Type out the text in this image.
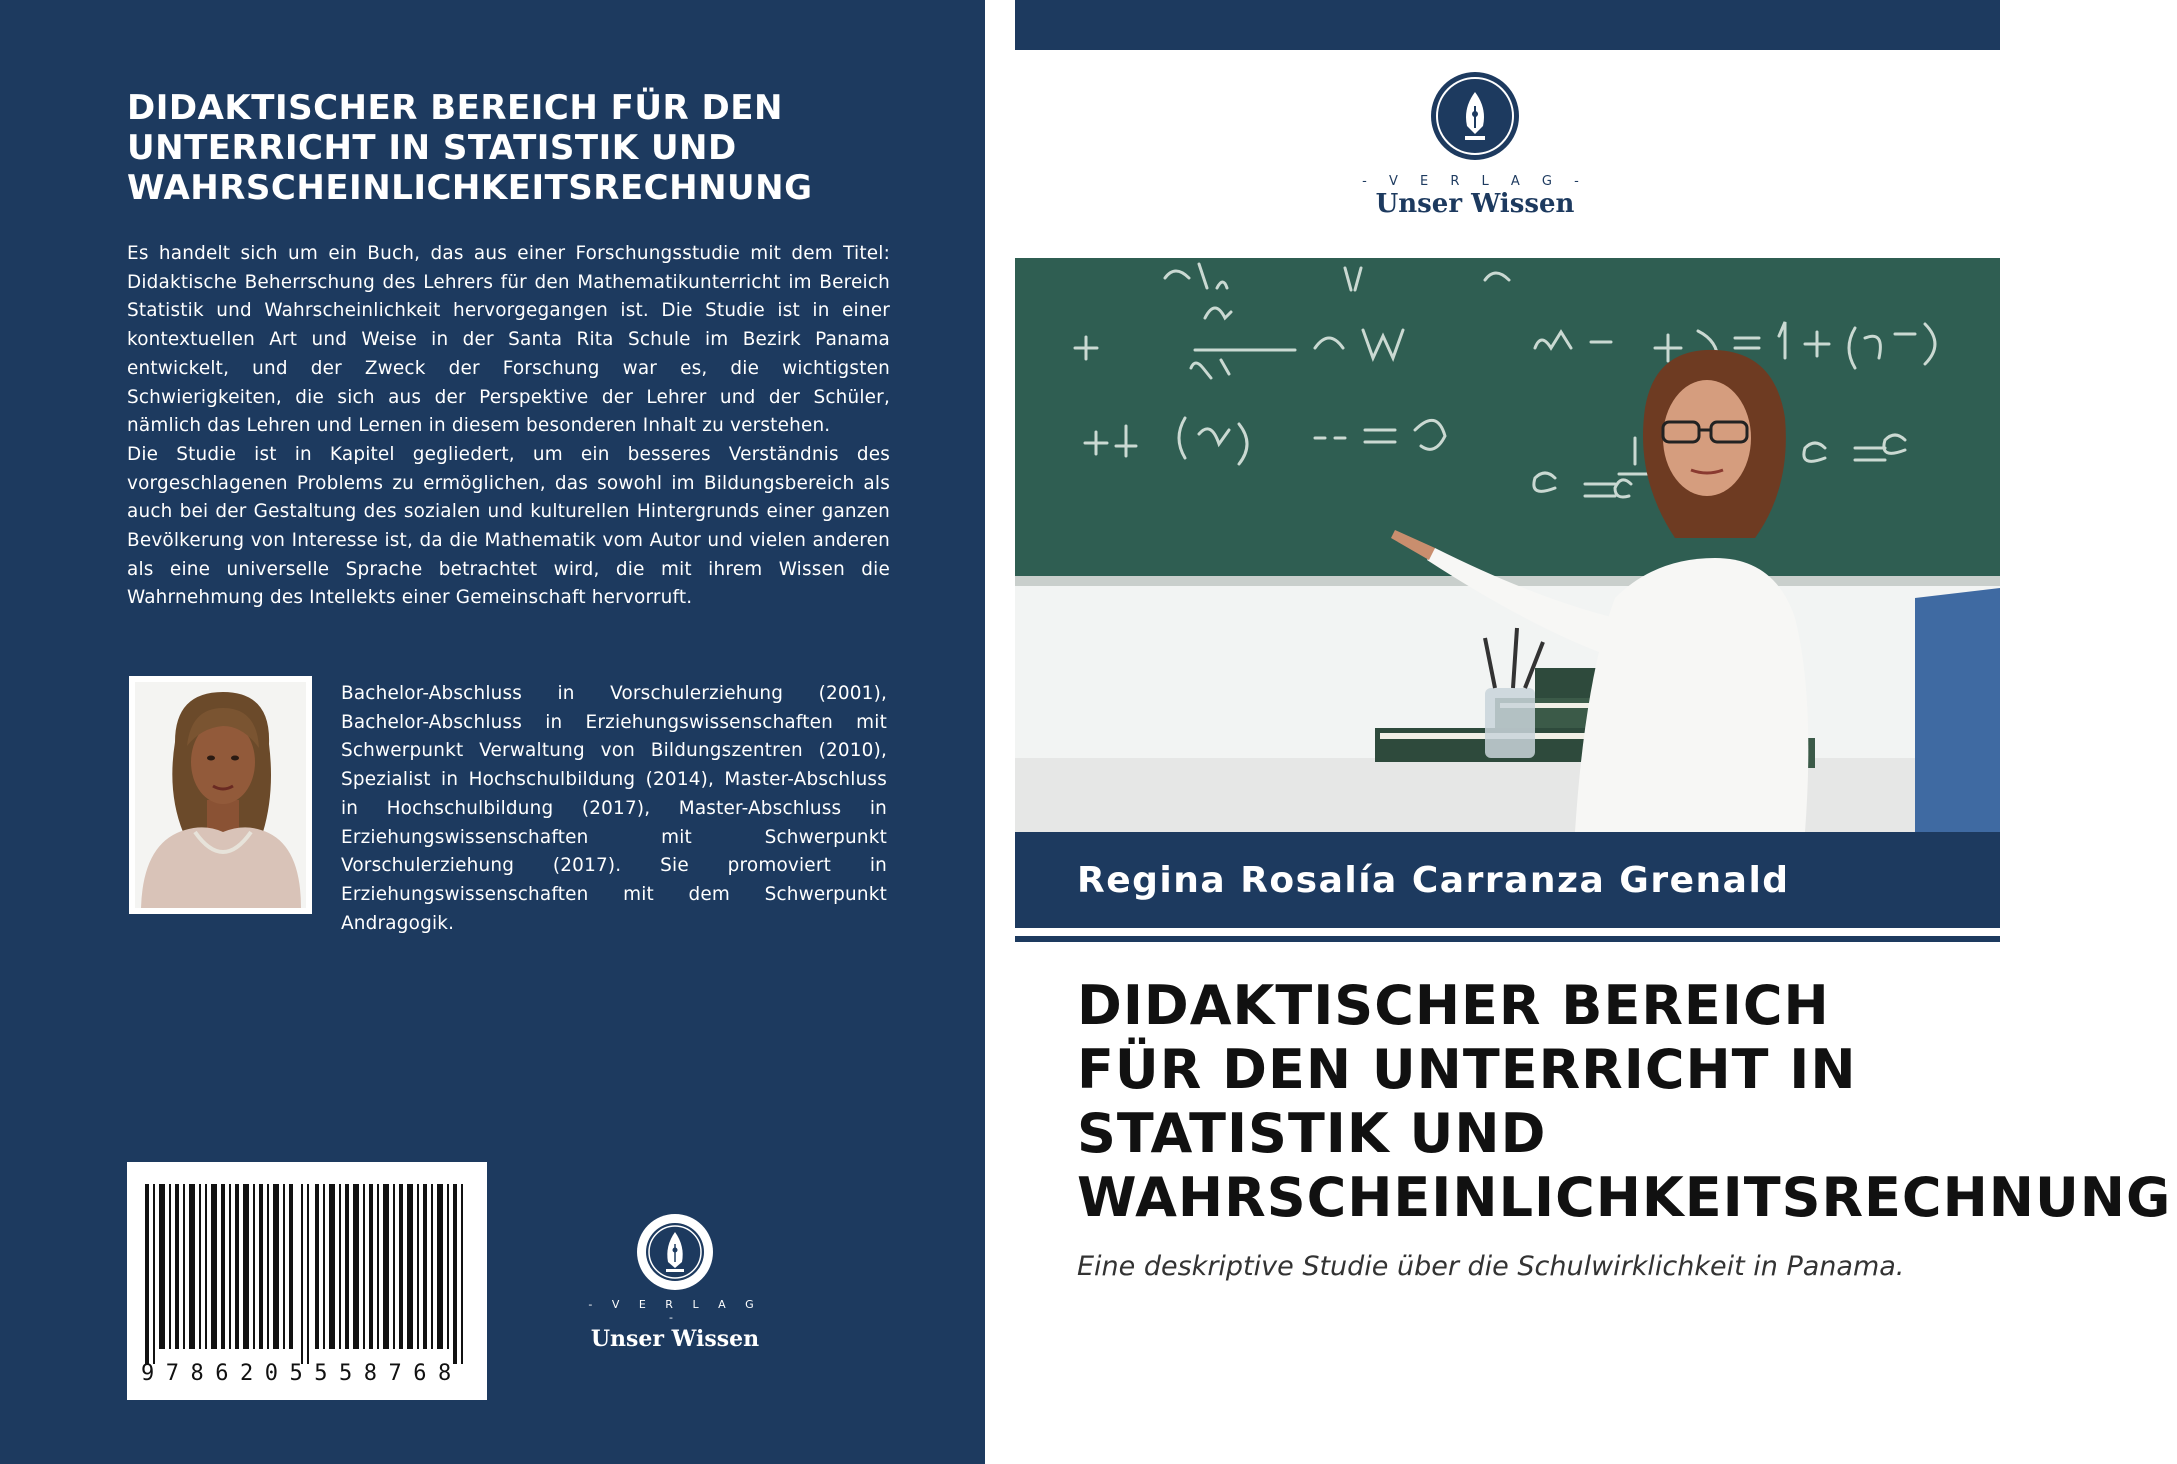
DIDAKTISCHER BEREICH FÜR DEN
UNTERRICHT IN STATISTIK UND
WAHRSCHEINLICHKEITSRECHNUNG

Es handelt sich um ein Buch, das aus einer Forschungsstudie mit dem Titel: Didaktische Beherrschung des Lehrers für den Mathematikunterricht im Bereich Statistik und Wahrscheinlichkeit hervorgegangen ist. Die Studie ist in einer kontextuellen Art und Weise in der Santa Rita Schule im Bezirk Panama entwickelt, und der Zweck der Forschung war es, die wichtigsten Schwierigkeiten, die sich aus der Perspektive der Lehrer und der Schüler, nämlich das Lehren und Lernen in diesem besonderen Inhalt zu verstehen.

Die Studie ist in Kapitel gegliedert, um ein besseres Verständnis des vorgeschlagenen Problems zu ermöglichen, das sowohl im Bildungsbereich als auch bei der Gestaltung des sozialen und kulturellen Hintergrunds einer ganzen Bevölkerung von Interesse ist, da die Mathematik vom Autor und vielen anderen als eine universelle Sprache betrachtet wird, die mit ihrem Wissen die Wahrnehmung des Intellekts einer Gemeinschaft hervorruft.

Bachelor-Abschluss in Vorschulerziehung (2001), Bachelor-Abschluss in Erziehungswissenschaften mit Schwerpunkt Verwaltung von Bildungszentren (2010), Spezialist in Hochschulbildung (2014), Master-Abschluss in Hochschulbildung (2017), Master-Abschluss in Erziehungswissenschaften mit Schwerpunkt Vorschulerziehung (2017). Sie promoviert in Erziehungswissenschaften mit dem Schwerpunkt Andragogik.

9786205558768

- V E R L A G -
Unser Wissen
- V E R L A G -
Unser Wissen

Regina Rosalía Carranza Grenald

DIDAKTISCHER BEREICH
FÜR DEN UNTERRICHT IN
STATISTIK UND
WAHRSCHEINLICHKEITSRECHNUNG

Eine deskriptive Studie über die Schulwirklichkeit in Panama.
